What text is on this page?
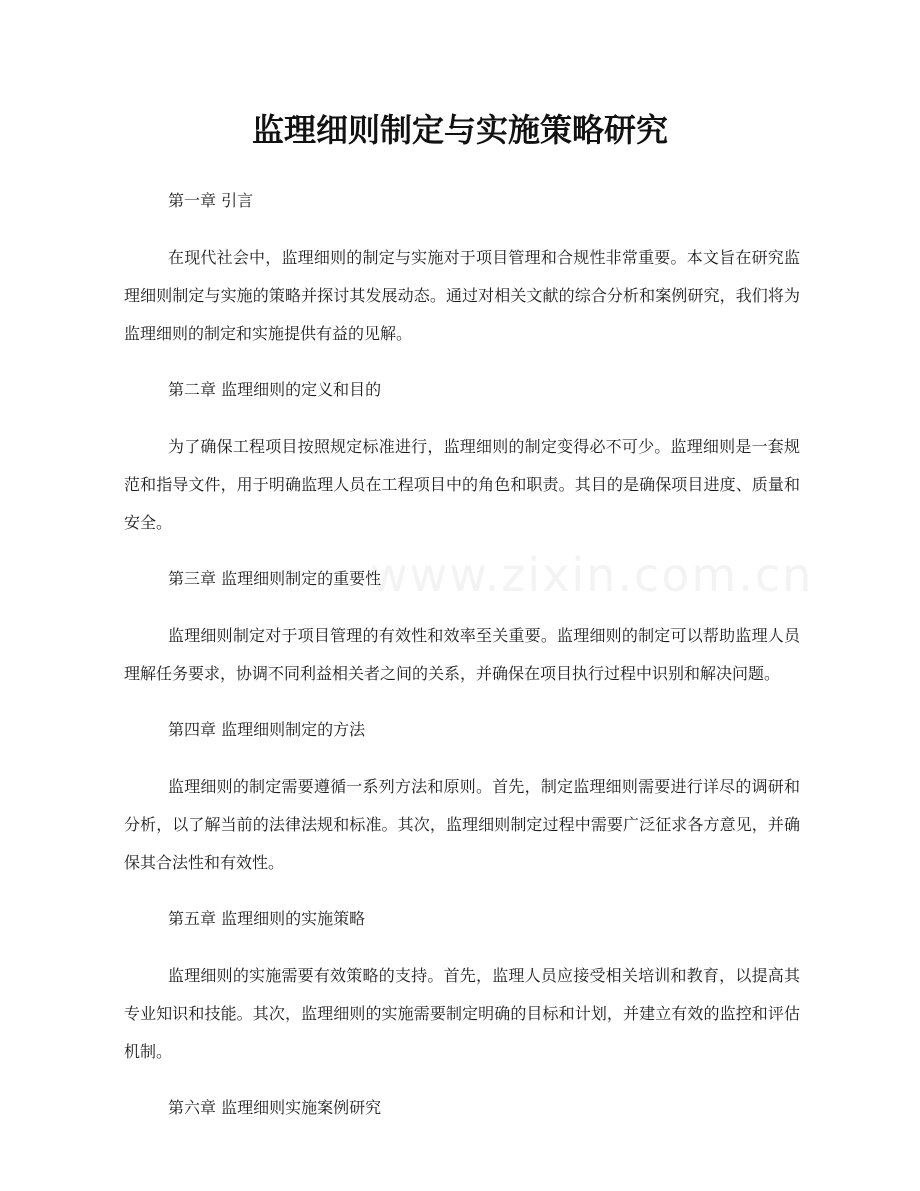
www.zixin.com.cn
监理细则制定与实施策略研究
第一章 引言

在现代社会中，监理细则的制定与实施对于项目管理和合规性非常重要。本文旨在研究监理细则制定与实施的策略并探讨其发展动态。通过对相关文献的综合分析和案例研究，我们将为监理细则的制定和实施提供有益的见解。

第二章 监理细则的定义和目的

为了确保工程项目按照规定标准进行，监理细则的制定变得必不可少。监理细则是一套规范和指导文件，用于明确监理人员在工程项目中的角色和职责。其目的是确保项目进度、质量和安全。

第三章 监理细则制定的重要性

监理细则制定对于项目管理的有效性和效率至关重要。监理细则的制定可以帮助监理人员理解任务要求，协调不同利益相关者之间的关系，并确保在项目执行过程中识别和解决问题。

第四章 监理细则制定的方法

监理细则的制定需要遵循一系列方法和原则。首先，制定监理细则需要进行详尽的调研和分析，以了解当前的法律法规和标准。其次，监理细则制定过程中需要广泛征求各方意见，并确保其合法性和有效性。

第五章 监理细则的实施策略

监理细则的实施需要有效策略的支持。首先，监理人员应接受相关培训和教育，以提高其专业知识和技能。其次，监理细则的实施需要制定明确的目标和计划，并建立有效的监控和评估机制。

第六章 监理细则实施案例研究
